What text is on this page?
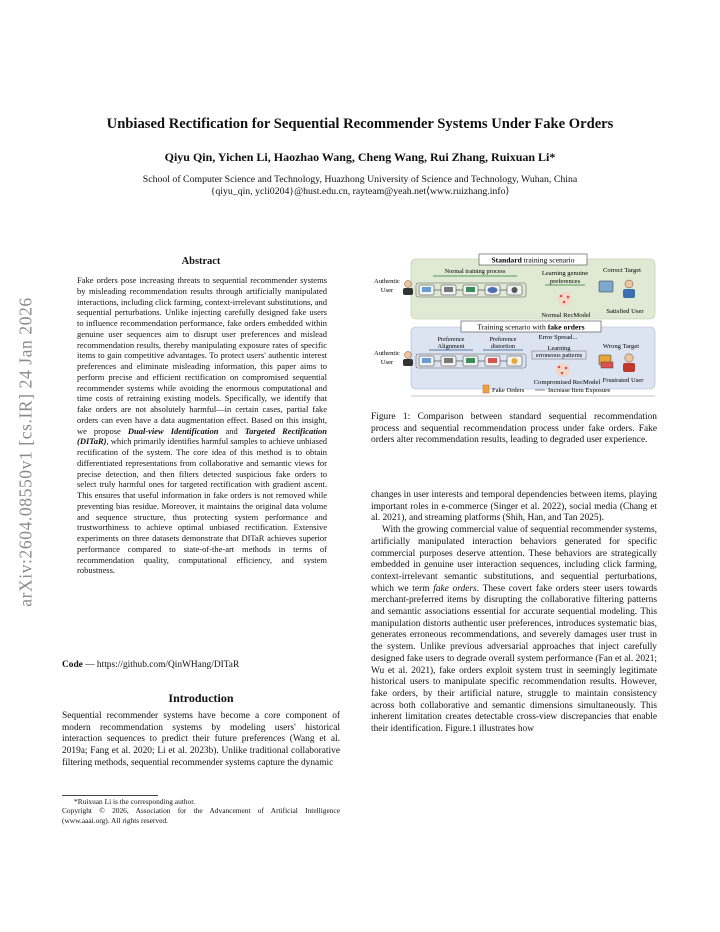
arXiv:2604.08550v1 [cs.IR] 24 Jan 2026
Unbiased Rectification for Sequential Recommender Systems Under Fake Orders
Qiyu Qin, Yichen Li, Haozhao Wang, Cheng Wang, Rui Zhang, Ruixuan Li*
School of Computer Science and Technology, Huazhong University of Science and Technology, Wuhan, China
{qiyu_qin, ycli0204}@hust.edu.cn, rayteam@yeah.net⟨www.ruizhang.info⟩
Abstract
Fake orders pose increasing threats to sequential recommender systems by misleading recommendation results through artificially manipulated interactions, including click farming, context-irrelevant substitutions, and sequential perturbations. Unlike injecting carefully designed fake users to influence recommendation performance, fake orders embedded within genuine user sequences aim to disrupt user preferences and mislead recommendation results, thereby manipulating exposure rates of specific items to gain competitive advantages. To protect users' authentic interest preferences and eliminate misleading information, this paper aims to perform precise and efficient rectification on compromised sequential recommender systems while avoiding the enormous computational and time costs of retraining existing models. Specifically, we identify that fake orders are not absolutely harmful—in certain cases, partial fake orders can even have a data augmentation effect. Based on this insight, we propose Dual-view Identification and Targeted Rectification (DITaR), which primarily identifies harmful samples to achieve unbiased rectification of the system. The core idea of this method is to obtain differentiated representations from collaborative and semantic views for precise detection, and then filters detected suspicious fake orders to select truly harmful ones for targeted rectification with gradient ascent. This ensures that useful information in fake orders is not removed while preventing bias residue. Moreover, it maintains the original data volume and sequence structure, thus protecting system performance and trustworthiness to achieve optimal unbiased rectification. Extensive experiments on three datasets demonstrate that DITaR achieves superior performance compared to state-of-the-art methods in terms of recommendation quality, computational efficiency, and system robustness.
Code — https://github.com/QinWHang/DITaR
Introduction
Sequential recommender systems have become a core component of modern recommendation systems by modeling users' historical interaction sequences to predict their future preferences (Wang et al. 2019a; Fang et al. 2020; Li et al. 2023b). Unlike traditional collaborative filtering methods, sequential recommender systems capture the dynamic
*Ruixuan Li is the corresponding author.
Copyright © 2026, Association for the Advancement of Artificial Intelligence (www.aaai.org). All rights reserved.
Standard training scenario
Normal training process	Learning genuine
preferences
Correct Target
Satisfied User
Normal RecModel
Authentic
User
Training scenario with fake orders
Preference
Alignment
Preference
distortion
Error Spread...
Learning
erroneous patterns
Wrong Target
Frustrated User
Compromised RecModel
Authentic
User
Fake Orders	Increase Item Exposure
Figure 1: Comparison between standard sequential recommendation process and sequential recommendation process under fake orders. Fake orders alter recommendation results, leading to degraded user experience.

changes in user interests and temporal dependencies between items, playing important roles in e-commerce (Singer et al. 2022), social media (Chang et al. 2021), and streaming platforms (Shih, Han, and Tan 2025).

With the growing commercial value of sequential recommender systems, artificially manipulated interaction behaviors generated for specific commercial purposes deserve attention. These behaviors are strategically embedded in genuine user interaction sequences, including click farming, context-irrelevant semantic substitutions, and sequential perturbations, which we term fake orders. These covert fake orders steer users towards merchant-preferred items by disrupting the collaborative filtering patterns and semantic associations essential for accurate sequential modeling. This manipulation distorts authentic user preferences, introduces systematic bias, generates erroneous recommendations, and severely damages user trust in the system. Unlike previous adversarial approaches that inject carefully designed fake users to degrade overall system performance (Fan et al. 2021; Wu et al. 2021), fake orders exploit system trust in seemingly legitimate historical users to manipulate specific recommendation results. However, fake orders, by their artificial nature, struggle to maintain consistency across both collaborative and semantic dimensions simultaneously. This inherent limitation creates detectable cross-view discrepancies that enable their identification. Figure.1 illustrates how
